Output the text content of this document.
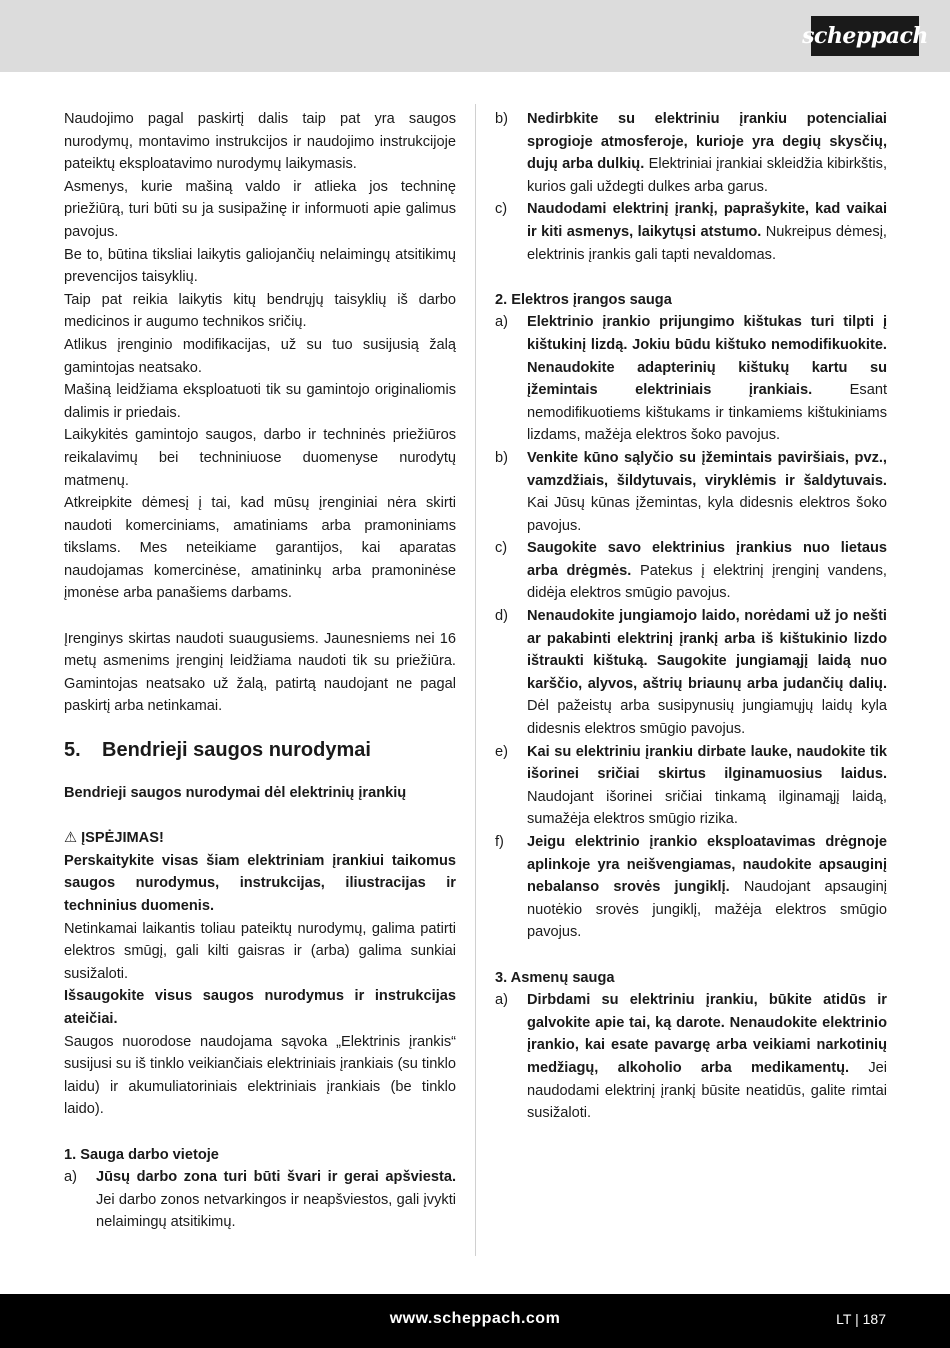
scheppach

Naudojimo pagal paskirtį dalis taip pat yra saugos nurodymų, montavimo instrukcijos ir naudojimo instrukcijoje pateiktų eksploatavimo nurodymų laikymasis.

Asmenys, kurie mašiną valdo ir atlieka jos techninę priežiūrą, turi būti su ja susipažinę ir informuoti apie galimus pavojus.

Be to, būtina tiksliai laikytis galiojančių nelaimingų atsitikimų prevencijos taisyklių.

Taip pat reikia laikytis kitų bendrųjų taisyklių iš darbo medicinos ir augumo technikos sričių.

Atlikus įrenginio modifikacijas, už su tuo susijusią žalą gamintojas neatsako.

Mašiną leidžiama eksploatuoti tik su gamintojo originaliomis dalimis ir priedais.

Laikykitės gamintojo saugos, darbo ir techninės priežiūros reikalavimų bei techniniuose duomenyse nurodytų matmenų.

Atkreipkite dėmesį į tai, kad mūsų įrenginiai nėra skirti naudoti komerciniams, amatiniams arba pramoniniams tikslams. Mes neteikiame garantijos, kai aparatas naudojamas komercinėse, amatininkų arba pramoninėse įmonėse arba panašiems darbams.

Įrenginys skirtas naudoti suaugusiems. Jaunesniems nei 16 metų asmenims įrenginį leidžiama naudoti tik su priežiūra. Gamintojas neatsako už žalą, patirtą naudojant ne pagal paskirtį arba netinkamai.

5.	Bendrieji saugos nurodymai

Bendrieji saugos nurodymai dėl elektrinių įrankių

⚠ ĮSPĖJIMAS!

Perskaitykite visas šiam elektriniam įrankiui taikomus saugos nurodymus, instrukcijas, iliustracijas ir techninius duomenis.

Netinkamai laikantis toliau pateiktų nurodymų, galima patirti elektros smūgį, gali kilti gaisras ir (arba) galima sunkiai susižaloti.

Išsaugokite visus saugos nurodymus ir instrukcijas ateičiai.

Saugos nuorodose naudojama sąvoka „Elektrinis įrankis“ susijusi su iš tinklo veikiančiais elektriniais įrankiais (su tinklo laidu) ir akumuliatoriniais elektriniais įrankiais (be tinklo laido).

1. Sauga darbo vietoje

a)	Jūsų darbo zona turi būti švari ir gerai apšviesta. Jei darbo zonos netvarkingos ir neapšviestos, gali įvykti nelaimingų atsitikimų.
b)	Nedirbkite su elektriniu įrankiu potencialiai sprogioje atmosferoje, kurioje yra degių skysčių, dujų arba dulkių. Elektriniai įrankiai skleidžia kibirkštis, kurios gali uždegti dulkes arba garus.
c)	Naudodami elektrinį įrankį, paprašykite, kad vaikai ir kiti asmenys, laikytųsi atstumo. Nukreipus dėmesį, elektrinis įrankis gali tapti nevaldomas.

2. Elektros įrangos sauga

a)	Elektrinio įrankio prijungimo kištukas turi tilpti į kištukinį lizdą. Jokiu būdu kištuko nemodifikuokite. Nenaudokite adapterinių kištukų kartu su įžemintais elektriniais įrankiais. Esant nemodifikuotiems kištukams ir tinkamiems kištukiniams lizdams, mažėja elektros šoko pavojus.
b)	Venkite kūno sąlyčio su įžemintais paviršiais, pvz., vamzdžiais, šildytuvais, viryklėmis ir šaldytuvais. Kai Jūsų kūnas įžemintas, kyla didesnis elektros šoko pavojus.
c)	Saugokite savo elektrinius įrankius nuo lietaus arba drėgmės. Patekus į elektrinį įrenginį vandens, didėja elektros smūgio pavojus.
d)	Nenaudokite jungiamojo laido, norėdami už jo nešti ar pakabinti elektrinį įrankį arba iš kištukinio lizdo ištraukti kištuką. Saugokite jungiamąjį laidą nuo karščio, alyvos, aštrių briaunų arba judančių dalių. Dėl pažeistų arba susipynusių jungiamųjų laidų kyla didesnis elektros smūgio pavojus.
e)	Kai su elektriniu įrankiu dirbate lauke, naudokite tik išorinei sričiai skirtus ilginamuosius laidus. Naudojant išorinei sričiai tinkamą ilginamąjį laidą, sumažėja elektros smūgio rizika.
f)	Jeigu elektrinio įrankio eksploatavimas drėgnoje aplinkoje yra neišvengiamas, naudokite apsauginį nebalanso srovės jungiklį. Naudojant apsauginį nuotėkio srovės jungiklį, mažėja elektros smūgio pavojus.

3. Asmenų sauga

a)	Dirbdami su elektriniu įrankiu, būkite atidūs ir galvokite apie tai, ką darote. Nenaudokite elektrinio įrankio, kai esate pavargę arba veikiami narkotinių medžiagų, alkoholio arba medikamentų. Jei naudodami elektrinį įrankį būsite neatidūs, galite rimtai susižaloti.
www.scheppach.com	LT | 187
